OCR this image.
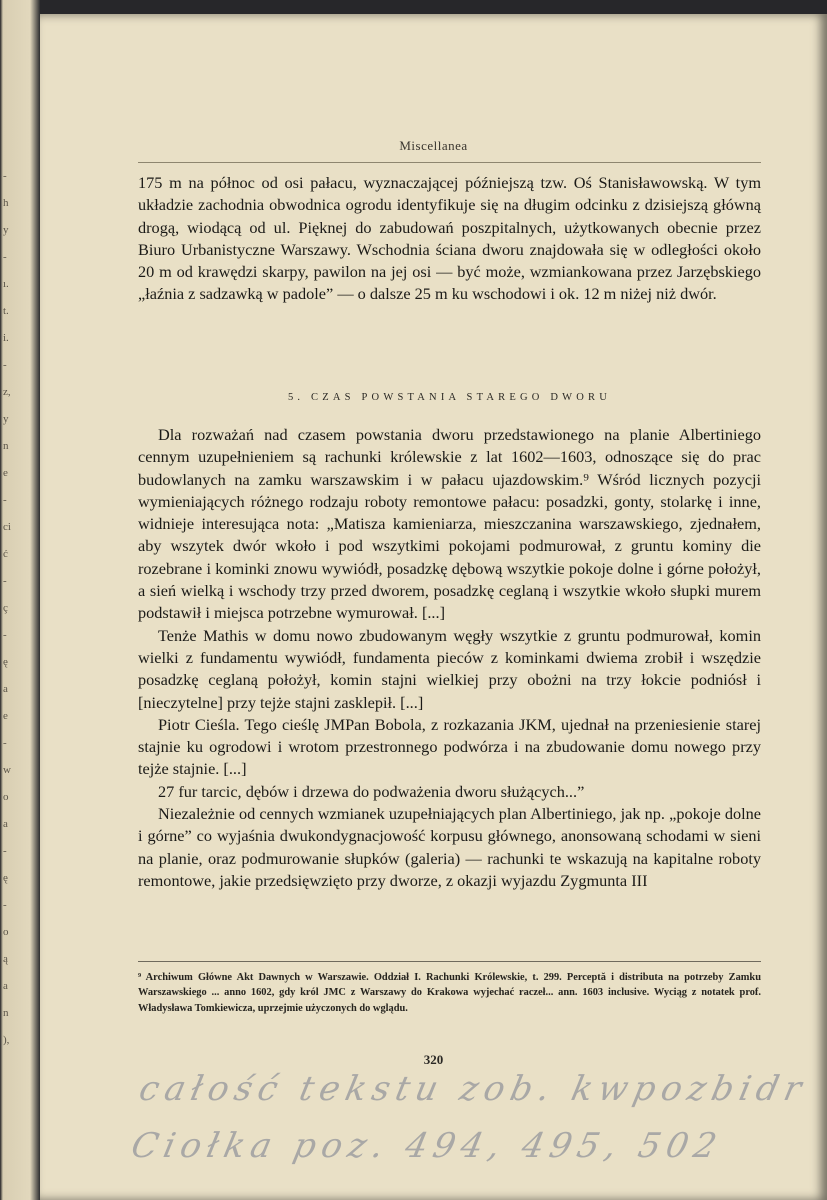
-
h
y
-
ı.
t.
i.
-
z,
y
n
e
-
ci
ć
-
ç
-
ę
a
e
-
w
o
a
-
ę
-
o
ą
a
n
),
Miscellanea

175 m na północ od osi pałacu, wyznaczającej późniejszą tzw. Oś Stanisławowską. W tym układzie zachodnia obwodnica ogrodu identyfikuje się na długim odcinku z dzisiejszą główną drogą, wiodącą od ul. Pięknej do zabudowań poszpitalnych, użytkowanych obecnie przez Biuro Urbanistyczne Warszawy. Wschodnia ściana dworu znajdowała się w odległości około 20 m od krawędzi skarpy, pawilon na jej osi — być może, wzmiankowana przez Jarzębskiego „łaźnia z sadzawką w padole” — o dalsze 25 m ku wschodowi i ok. 12 m niżej niż dwór.

5. CZAS POWSTANIA STAREGO DWORU

Dla rozważań nad czasem powstania dworu przedstawionego na planie Albertiniego cennym uzupełnieniem są rachunki królewskie z lat 1602—1603, odnoszące się do prac budowlanych na zamku warszawskim i w pałacu ujazdowskim.⁹ Wśród licznych pozycji wymieniających różnego rodzaju roboty remontowe pałacu: posadzki, gonty, stolarkę i inne, widnieje interesująca nota: „Matisza kamieniarza, mieszczanina warszawskiego, zjednałem, aby wszytek dwór wkoło i pod wszytkimi pokojami podmurował, z gruntu kominy die rozebrane i kominki znowu wywiódł, posadzkę dębową wszytkie pokoje dolne i górne położył, a sień wielką i wschody trzy przed dworem, posadzkę ceglaną i wszytkie wkoło słupki murem podstawił i miejsca potrzebne wymurował. [...]

Tenże Mathis w domu nowo zbudowanym węgły wszytkie z gruntu podmurował, komin wielki z fundamentu wywiódł, fundamenta pieców z kominkami dwiema zrobił i wszędzie posadzkę ceglaną położył, komin stajni wielkiej przy obożni na trzy łokcie podniósł i [nieczytelne] przy tejże stajni zasklepił. [...]

Piotr Cieśla. Tego cieślę JMPan Bobola, z rozkazania JKM, ujednał na przeniesienie starej stajnie ku ogrodowi i wrotom przestronnego podwórza i na zbudowanie domu nowego przy tejże stajnie. [...]

27 fur tarcic, dębów i drzewa do podważenia dworu służących...”

Niezależnie od cennych wzmianek uzupełniających plan Albertiniego, jak np. „pokoje dolne i górne” co wyjaśnia dwukondygnacjowość korpusu głównego, anonsowaną schodami w sieni na planie, oraz podmurowanie słupków (galeria) — rachunki te wskazują na kapitalne roboty remontowe, jakie przedsięwzięto przy dworze, z okazji wyjazdu Zygmunta III

⁹ Archiwum Główne Akt Dawnych w Warszawie. Oddział I. Rachunki Królewskie, t. 299. Perceptă i distributa na potrzeby Zamku Warszawskiego ... anno 1602, gdy król JMC z Warszawy do Krakowa wyjechać raczeł... ann. 1603 inclusive. Wyciąg z notatek prof. Władysława Tomkiewicza, uprzejmie użyczonych do wglądu.
320
całość tekstu zob. kwpozbidr
Ciołka poz. 494, 495, 502
